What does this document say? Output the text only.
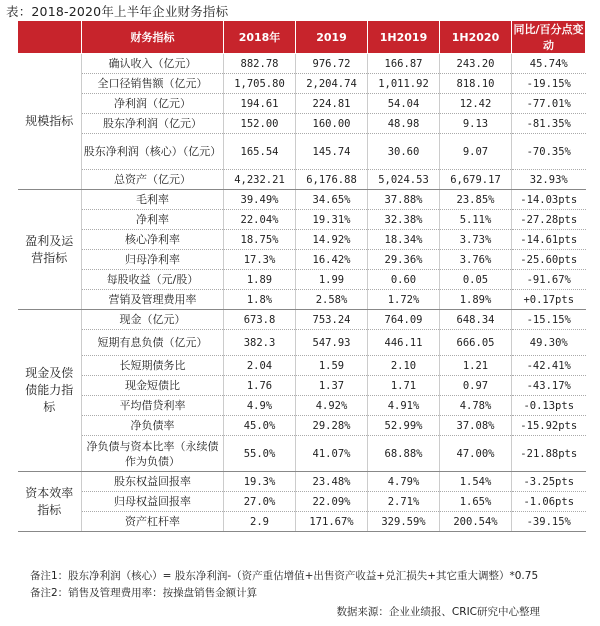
表：2018-2020年上半年企业财务指标
	财务指标	2018年	2019	1H2019	1H2020	同比/百分点变动
规模指标	确认收入（亿元）	882.78	976.72	166.87	243.20	45.74%
	全口径销售额（亿元）	1,705.80	2,204.74	1,011.92	818.10	-19.15%
	净利润（亿元）	194.61	224.81	54.04	12.42	-77.01%
	股东净利润（亿元）	152.00	160.00	48.98	9.13	-81.35%
	股东净利润（核心）（亿元）	165.54	145.74	30.60	9.07	-70.35%
	总资产（亿元）	4,232.21	6,176.88	5,024.53	6,679.17	32.93%
盈利及运营指标	毛利率	39.49%	34.65%	37.88%	23.85%	-14.03pts
	净利率	22.04%	19.31%	32.38%	5.11%	-27.28pts
	核心净利率	18.75%	14.92%	18.34%	3.73%	-14.61pts
	归母净利率	17.3%	16.42%	29.36%	3.76%	-25.60pts
	每股收益（元/股）	1.89	1.99	0.60	0.05	-91.67%
	营销及管理费用率	1.8%	2.58%	1.72%	1.89%	+0.17pts
现金及偿债能力指标	现金（亿元）	673.8	753.24	764.09	648.34	-15.15%
	短期有息负债（亿元）	382.3	547.93	446.11	666.05	49.30%
	长短期债务比	2.04	1.59	2.10	1.21	-42.41%
	现金短债比	1.76	1.37	1.71	0.97	-43.17%
	平均借贷利率	4.9%	4.92%	4.91%	4.78%	-0.13pts
	净负债率	45.0%	29.28%	52.99%	37.08%	-15.92pts
	净负债与资本比率（永续债作为负债）	55.0%	41.07%	68.88%	47.00%	-21.88pts
资本效率指标	股东权益回报率	19.3%	23.48%	4.79%	1.54%	-3.25pts
	归母权益回报率	27.0%	22.09%	2.71%	1.65%	-1.06pts
	资产杠杆率	2.9	171.67%	329.59%	200.54%	-39.15%
备注1：股东净利润（核心）= 股东净利润-（资产重估增值+出售资产收益+兑汇损失+其它重大调整）*0.75
备注2：销售及管理费用率：按操盘销售金额计算
数据来源：企业业绩报、CRIC研究中心整理
